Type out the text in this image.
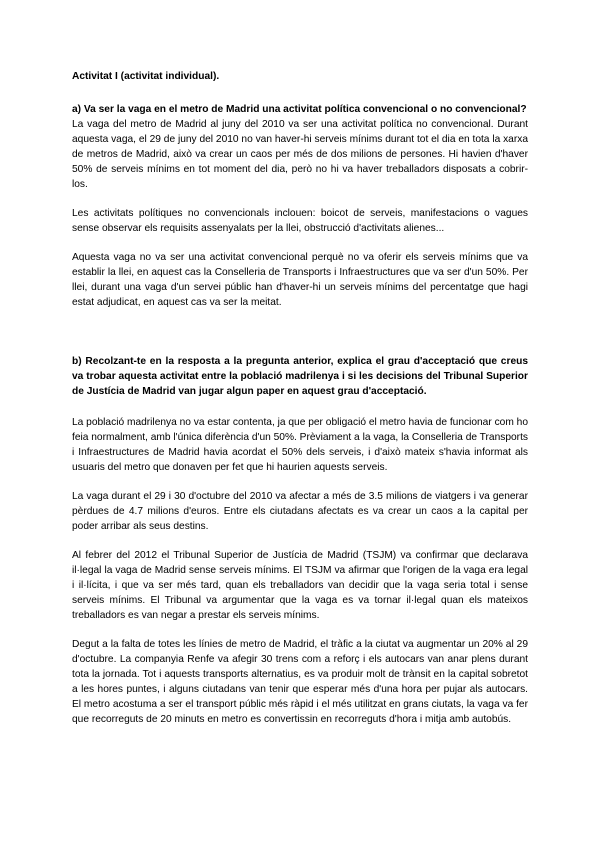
Activitat I (activitat individual).

a) Va ser la vaga en el metro de Madrid una activitat política convencional o no convencional?

La vaga del metro de Madrid al juny del 2010 va ser una activitat política no convencional. Durant aquesta vaga, el 29 de juny del 2010 no van haver-hi serveis mínims durant tot el dia en tota la xarxa de metros de Madrid, això va crear un caos per més de dos milions de persones. Hi havien d'haver 50% de serveis mínims en tot moment del dia, però no hi va haver treballadors disposats a cobrir-los.

Les activitats polítiques no convencionals inclouen: boicot de serveis, manifestacions o vagues sense observar els requisits assenyalats per la llei, obstrucció d'activitats alienes...

Aquesta vaga no va ser una activitat convencional perquè no va oferir els serveis mínims que va establir la llei, en aquest cas la Conselleria de Transports i Infraestructures que va ser d'un 50%. Per llei, durant una vaga d'un servei públic han d'haver-hi un serveis mínims del percentatge que hagi estat adjudicat, en aquest cas va ser la meitat.

b) Recolzant-te en la resposta a la pregunta anterior, explica el grau d'acceptació que creus va trobar aquesta activitat entre la població madrilenya i si les decisions del Tribunal Superior de Justícia de Madrid van jugar algun paper en aquest grau d'acceptació.

La població madrilenya no va estar contenta, ja que per obligació el metro havia de funcionar com ho feia normalment, amb l'única diferència d'un 50%. Prèviament a la vaga, la Conselleria de Transports i Infraestructures de Madrid havia acordat el 50% dels serveis, i d'això mateix s'havia informat als usuaris del metro que donaven per fet que hi haurien aquests serveis.

La vaga durant el 29 i 30 d'octubre del 2010 va afectar a més de 3.5 milions de viatgers i va generar pèrdues de 4.7 milions d'euros. Entre els ciutadans afectats es va crear un caos a la capital per poder arribar als seus destins.

Al febrer del 2012 el Tribunal Superior de Justícia de Madrid (TSJM) va confirmar que declarava il·legal la vaga de Madrid sense serveis mínims. El TSJM va afirmar que l'origen de la vaga era legal i il·lícita, i que va ser més tard, quan els treballadors van decidir que la vaga seria total i sense serveis mínims. El Tribunal va argumentar que la vaga es va tornar il·legal quan els mateixos treballadors es van negar a prestar els serveis mínims.

Degut a la falta de totes les línies de metro de Madrid, el tràfic a la ciutat va augmentar un 20% al 29 d'octubre. La companyia Renfe va afegir 30 trens com a reforç i els autocars van anar plens durant tota la jornada. Tot i aquests transports alternatius, es va produir molt de trànsit en la capital sobretot a les hores puntes, i alguns ciutadans van tenir que esperar més d'una hora per pujar als autocars. El metro acostuma a ser el transport públic més ràpid i el més utilitzat en grans ciutats, la vaga va fer que recorreguts de 20 minuts en metro es convertissin en recorreguts d'hora i mitja amb autobús.
